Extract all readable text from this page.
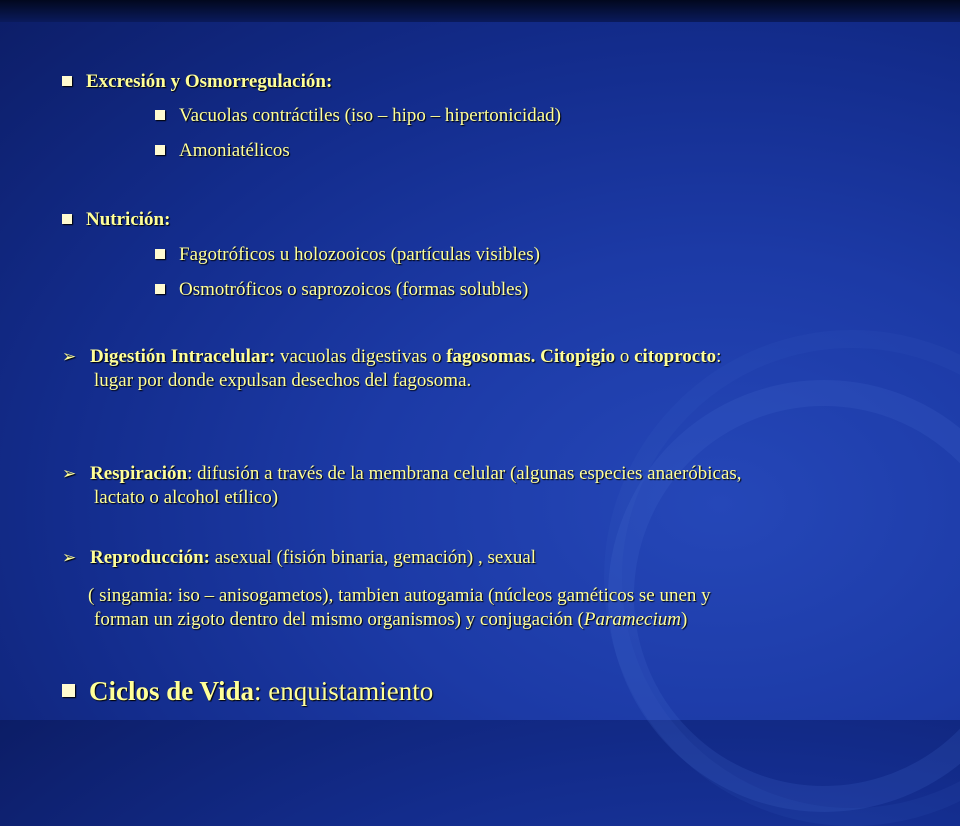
Excresión y Osmorregulación:
Vacuolas contráctiles (iso – hipo – hipertonicidad)
Amoniatélicos
Nutrición:
Fagotróficos u holozooicos (partículas visibles)
Osmotróficos o saprozoicos (formas solubles)
➢ Digestión Intracelular: vacuolas digestivas o fagosomas. Citopigio o citoprocto:
lugar por donde expulsan desechos del fagosoma.
➢ Respiración: difusión a través de la membrana celular (algunas especies anaeróbicas,
lactato o alcohol etílico)
➢ Reproducción: asexual (fisión binaria, gemación) , sexual
( singamia: iso – anisogametos), tambien autogamia (núcleos gaméticos se unen y
forman un zigoto dentro del mismo organismos) y conjugación (Paramecium)
Ciclos de Vida: enquistamiento
